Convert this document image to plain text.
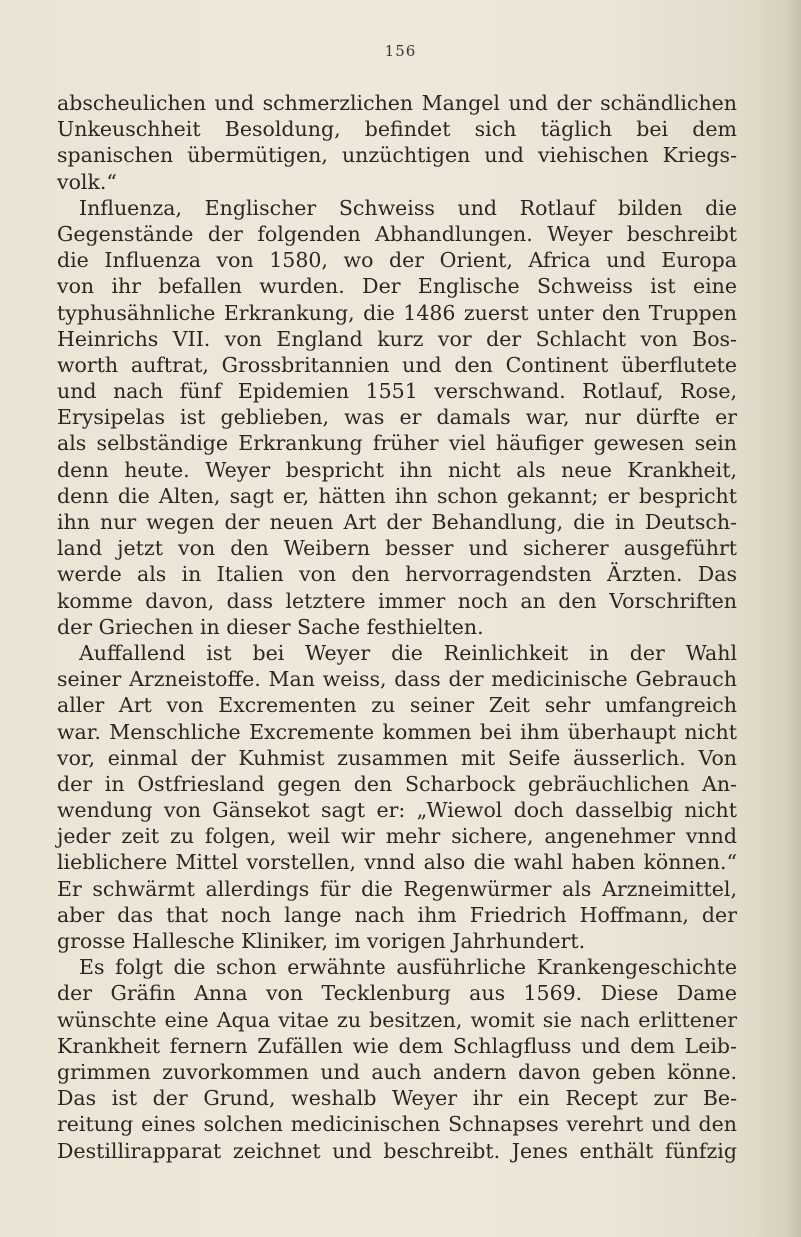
156
abscheulichen und schmerzlichen Mangel und der schändlichen
Unkeuschheit Besoldung, befindet sich täglich bei dem
spanischen übermütigen, unzüchtigen und viehischen Kriegs-
volk.“
Influenza, Englischer Schweiss und Rotlauf bilden die
Gegenstände der folgenden Abhandlungen. Weyer beschreibt
die Influenza von 1580, wo der Orient, Africa und Europa
von ihr befallen wurden. Der Englische Schweiss ist eine
typhusähnliche Erkrankung, die 1486 zuerst unter den Truppen
Heinrichs VII. von England kurz vor der Schlacht von Bos-
worth auftrat, Grossbritannien und den Continent überflutete
und nach fünf Epidemien 1551 verschwand. Rotlauf, Rose,
Erysipelas ist geblieben, was er damals war, nur dürfte er
als selbständige Erkrankung früher viel häufiger gewesen sein
denn heute. Weyer bespricht ihn nicht als neue Krankheit,
denn die Alten, sagt er, hätten ihn schon gekannt; er bespricht
ihn nur wegen der neuen Art der Behandlung, die in Deutsch-
land jetzt von den Weibern besser und sicherer ausgeführt
werde als in Italien von den hervorragendsten Ärzten. Das
komme davon, dass letztere immer noch an den Vorschriften
der Griechen in dieser Sache festhielten.
Auffallend ist bei Weyer die Reinlichkeit in der Wahl
seiner Arzneistoffe. Man weiss, dass der medicinische Gebrauch
aller Art von Excrementen zu seiner Zeit sehr umfangreich
war. Menschliche Excremente kommen bei ihm überhaupt nicht
vor, einmal der Kuhmist zusammen mit Seife äusserlich. Von
der in Ostfriesland gegen den Scharbock gebräuchlichen An-
wendung von Gänsekot sagt er: „Wiewol doch dasselbig nicht
jeder zeit zu folgen, weil wir mehr sichere, angenehmer vnnd
lieblichere Mittel vorstellen, vnnd also die wahl haben können.“
Er schwärmt allerdings für die Regenwürmer als Arzneimittel,
aber das that noch lange nach ihm Friedrich Hoffmann, der
grosse Hallesche Kliniker, im vorigen Jahrhundert.
Es folgt die schon erwähnte ausführliche Krankengeschichte
der Gräfin Anna von Tecklenburg aus 1569. Diese Dame
wünschte eine Aqua vitae zu besitzen, womit sie nach erlittener
Krankheit fernern Zufällen wie dem Schlagfluss und dem Leib-
grimmen zuvorkommen und auch andern davon geben könne.
Das ist der Grund, weshalb Weyer ihr ein Recept zur Be-
reitung eines solchen medicinischen Schnapses verehrt und den
Destillirapparat zeichnet und beschreibt. Jenes enthält fünfzig
